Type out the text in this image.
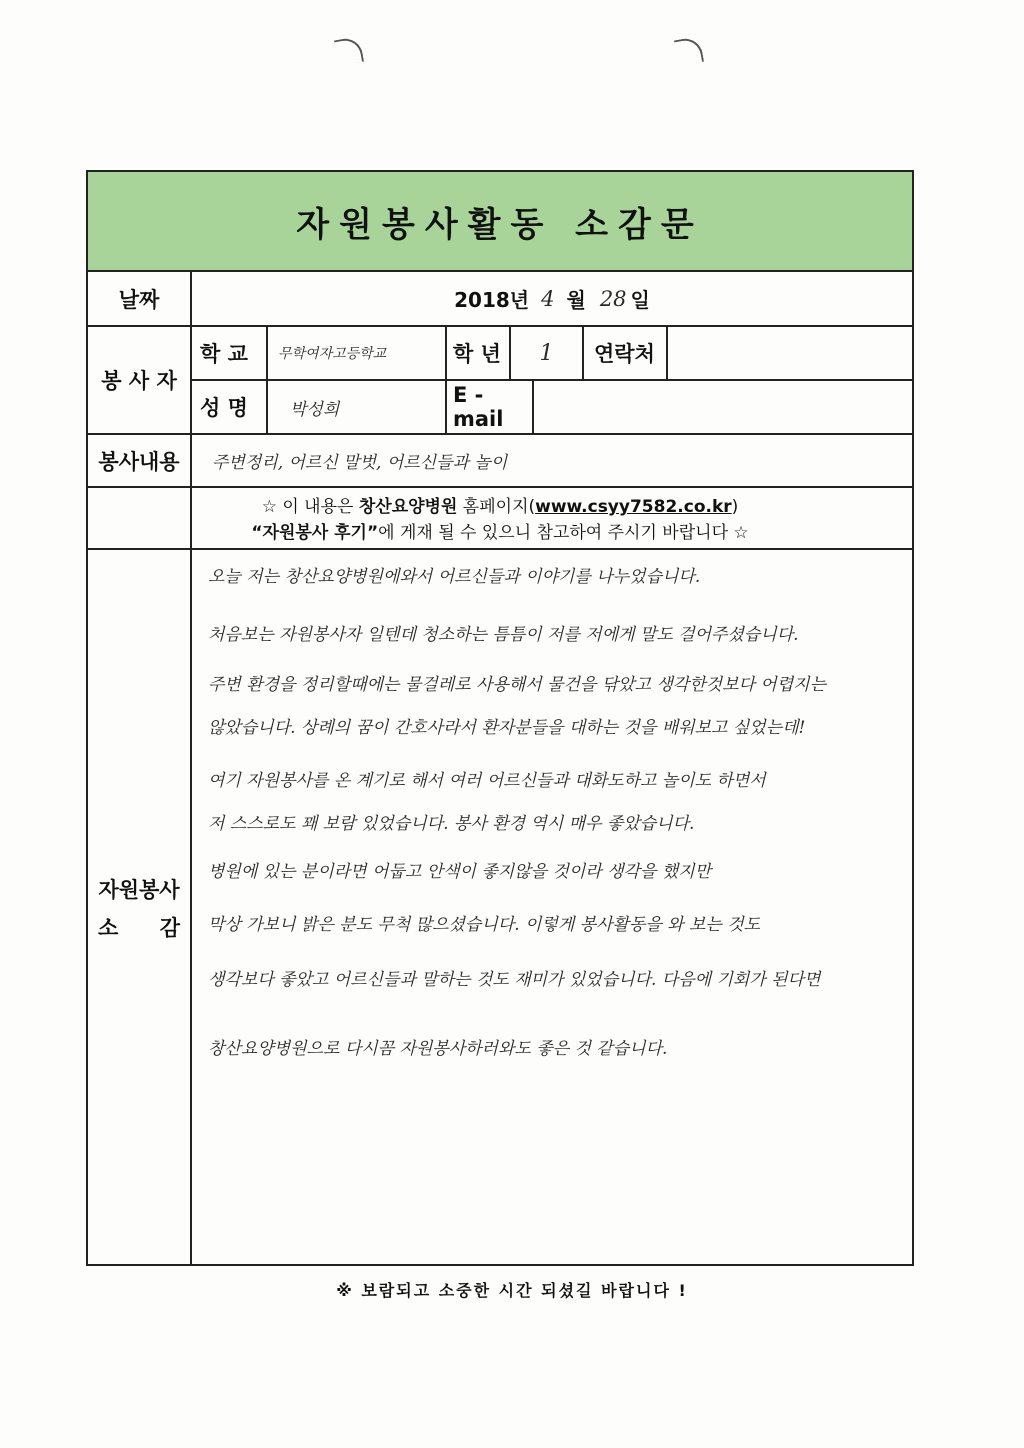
자원봉사활동 소감문
날짜	2018년 4 월 28 일
봉 사 자
학 교 무학여자고등학교	학 년 1 연락처
성 명 박성희
E -mail
봉사내용 주변정리, 어르신 말벗, 어르신들과 놀이
☆ 이 내용은 창산요양병원 홈페이지(www.csyy7582.co.kr)
“자원봉사 후기”에 게재 될 수 있으니 참고하여 주시기 바랍니다 ☆
자원봉사
소 감
오늘 저는 창산요양병원에와서 어르신들과 이야기를 나누었습니다.
처음보는 자원봉사자 일텐데 청소하는 틈틈이 저를 저에게 말도 걸어주셨습니다.
주변 환경을 정리할때에는 물걸레로 사용해서 물건을 닦았고 생각한것보다 어렵지는
않았습니다. 상례의 꿈이 간호사라서 환자분들을 대하는 것을 배워보고 싶었는데!
여기 자원봉사를 온 계기로 해서 여러 어르신들과 대화도하고 놀이도 하면서
저 스스로도 꽤 보람 있었습니다. 봉사 환경 역시 매우 좋았습니다.
병원에 있는 분이라면 어둡고 안색이 좋지않을 것이라 생각을 했지만
막상 가보니 밝은 분도 무척 많으셨습니다. 이렇게 봉사활동을 와 보는 것도
생각보다 좋았고 어르신들과 말하는 것도 재미가 있었습니다. 다음에 기회가 된다면
창산요양병원으로 다시꼼 자원봉사하러와도 좋은 것 같습니다.
※ 보람되고 소중한 시간 되셨길 바랍니다 !
